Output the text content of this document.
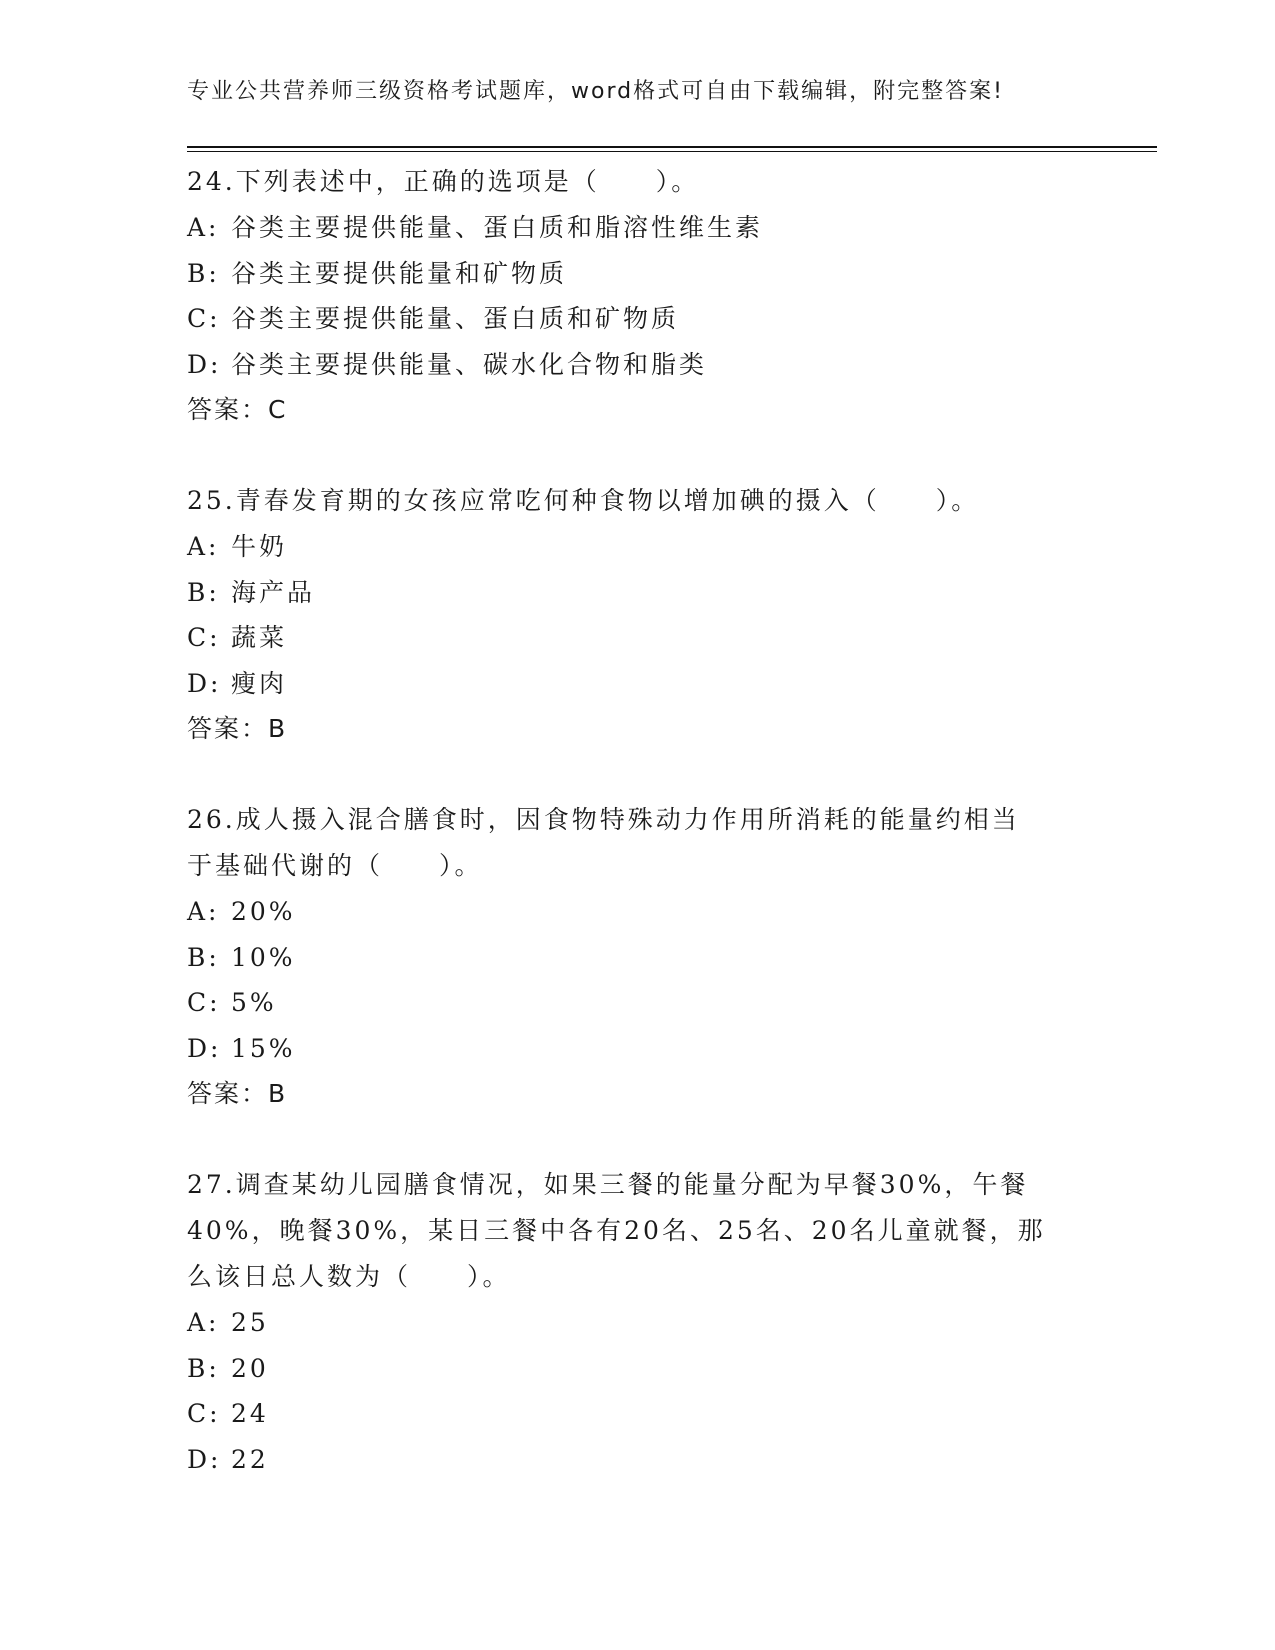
专业公共营养师三级资格考试题库，word格式可自由下载编辑，附完整答案!

24.下列表述中，正确的选项是（　　）。

A: 谷类主要提供能量、蛋白质和脂溶性维生素

B: 谷类主要提供能量和矿物质

C: 谷类主要提供能量、蛋白质和矿物质

D: 谷类主要提供能量、碳水化合物和脂类

答案：C

25.青春发育期的女孩应常吃何种食物以增加碘的摄入（　　）。

A: 牛奶

B: 海产品

C: 蔬菜

D: 瘦肉

答案：B

26.成人摄入混合膳食时，因食物特殊动力作用所消耗的能量约相当于基础代谢的（　　）。

A: 20%

B: 10%

C: 5%

D: 15%

答案：B

27.调查某幼儿园膳食情况，如果三餐的能量分配为早餐30%，午餐40%，晚餐30%，某日三餐中各有20名、25名、20名儿童就餐，那么该日总人数为（　　）。

A: 25

B: 20

C: 24

D: 22
